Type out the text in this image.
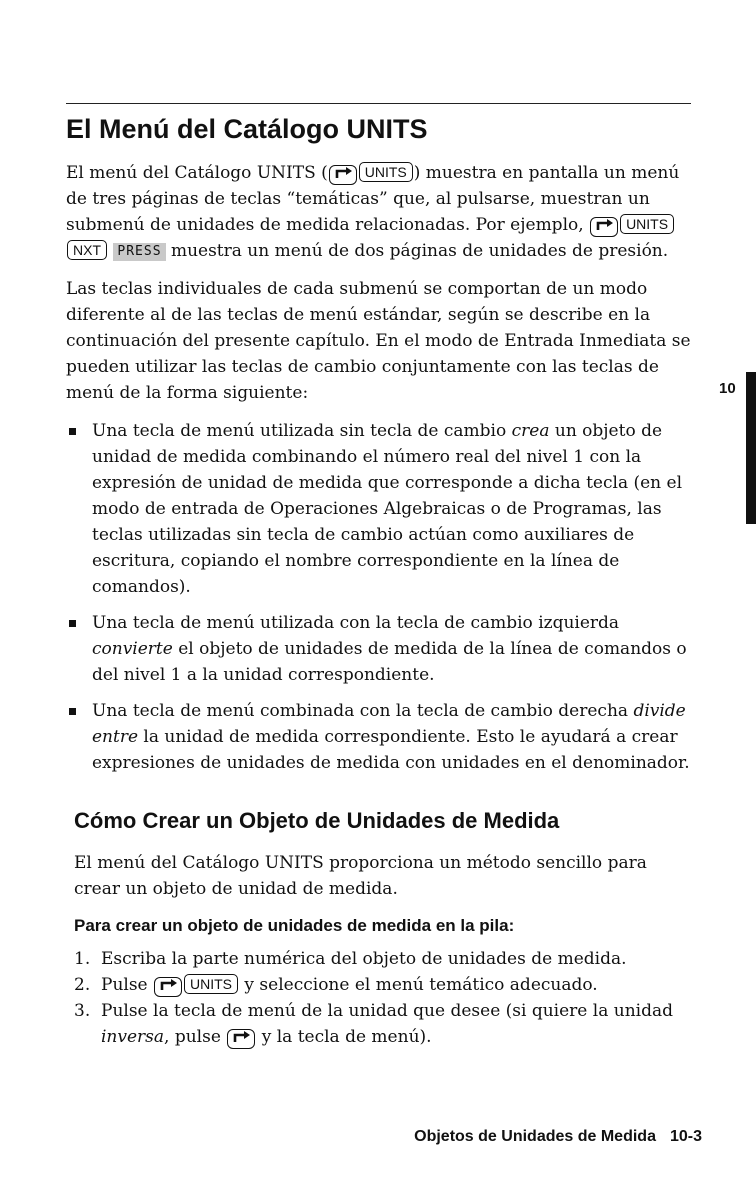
10
El Menú del Catálogo UNITS

El menú del Catálogo UNITS (	UNITS ) muestra en pantalla un menú de tres páginas de teclas “temáticas” que, al pulsarse, muestran un submenú de unidades de medida relacionadas. Por ejemplo,	UNITS NXT PRESS muestra un menú de dos páginas de unidades de presión.

Las teclas individuales de cada submenú se comportan de un modo diferente al de las teclas de menú estándar, según se describe en la continuación del presente capítulo. En el modo de Entrada Inmediata se pueden utilizar las teclas de cambio conjuntamente con las teclas de menú de la forma siguiente:

Una tecla de menú utilizada sin tecla de cambio crea un objeto de unidad de medida combinando el número real del nivel 1 con la expresión de unidad de medida que corresponde a dicha tecla (en el modo de entrada de Operaciones Algebraicas o de Programas, las teclas utilizadas sin tecla de cambio actúan como auxiliares de escritura, copiando el nombre correspondiente en la línea de comandos).
Una tecla de menú utilizada con la tecla de cambio izquierda convierte el objeto de unidades de medida de la línea de comandos o del nivel 1 a la unidad correspondiente.
Una tecla de menú combinada con la tecla de cambio derecha divide entre la unidad de medida correspondiente. Esto le ayudará a crear expresiones de unidades de medida con unidades en el denominador.
Cómo Crear un Objeto de Unidades de Medida

El menú del Catálogo UNITS proporciona un método sencillo para crear un objeto de unidad de medida.

Para crear un objeto de unidades de medida en la pila:
1. Escriba la parte numérica del objeto de unidades de medida.
2. Pulse	UNITS y seleccione el menú temático adecuado.
3. Pulse la tecla de menú de la unidad que desee (si quiere la unidad inversa, pulse  y la tecla de menú).
Objetos de Unidades de Medida 10-3
